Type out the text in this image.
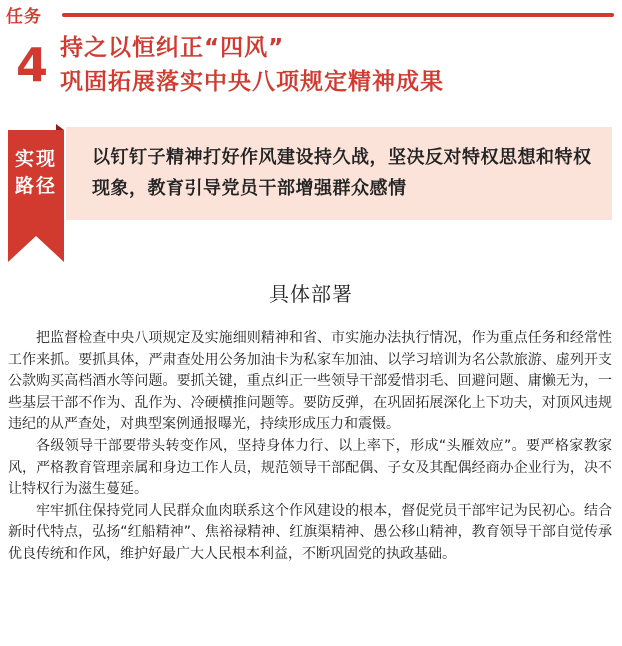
任务
4 持之以恒纠正“四风”
巩固拓展落实中央八项规定精神成果
实现
路径
以钉钉子精神打好作风建设持久战，坚决反对特权思想和特权现象，教育引导党员干部增强群众感情
具体部署

把监督检查中央八项规定及实施细则精神和省、市实施办法执行情况，作为重点任务和经常性工作来抓。要抓具体，严肃查处用公务加油卡为私家车加油、以学习培训为名公款旅游、虚列开支公款购买高档酒水等问题。要抓关键，重点纠正一些领导干部爱惜羽毛、回避问题、庸懒无为，一些基层干部不作为、乱作为、冷硬横推问题等。要防反弹，在巩固拓展深化上下功夫，对顶风违规违纪的从严查处，对典型案例通报曝光，持续形成压力和震慑。

各级领导干部要带头转变作风，坚持身体力行、以上率下，形成“头雁效应”。要严格家教家风，严格教育管理亲属和身边工作人员，规范领导干部配偶、子女及其配偶经商办企业行为，决不让特权行为滋生蔓延。

牢牢抓住保持党同人民群众血肉联系这个作风建设的根本，督促党员干部牢记为民初心。结合新时代特点，弘扬“红船精神”、焦裕禄精神、红旗渠精神、愚公移山精神，教育领导干部自觉传承优良传统和作风，维护好最广大人民根本利益，不断巩固党的执政基础。
